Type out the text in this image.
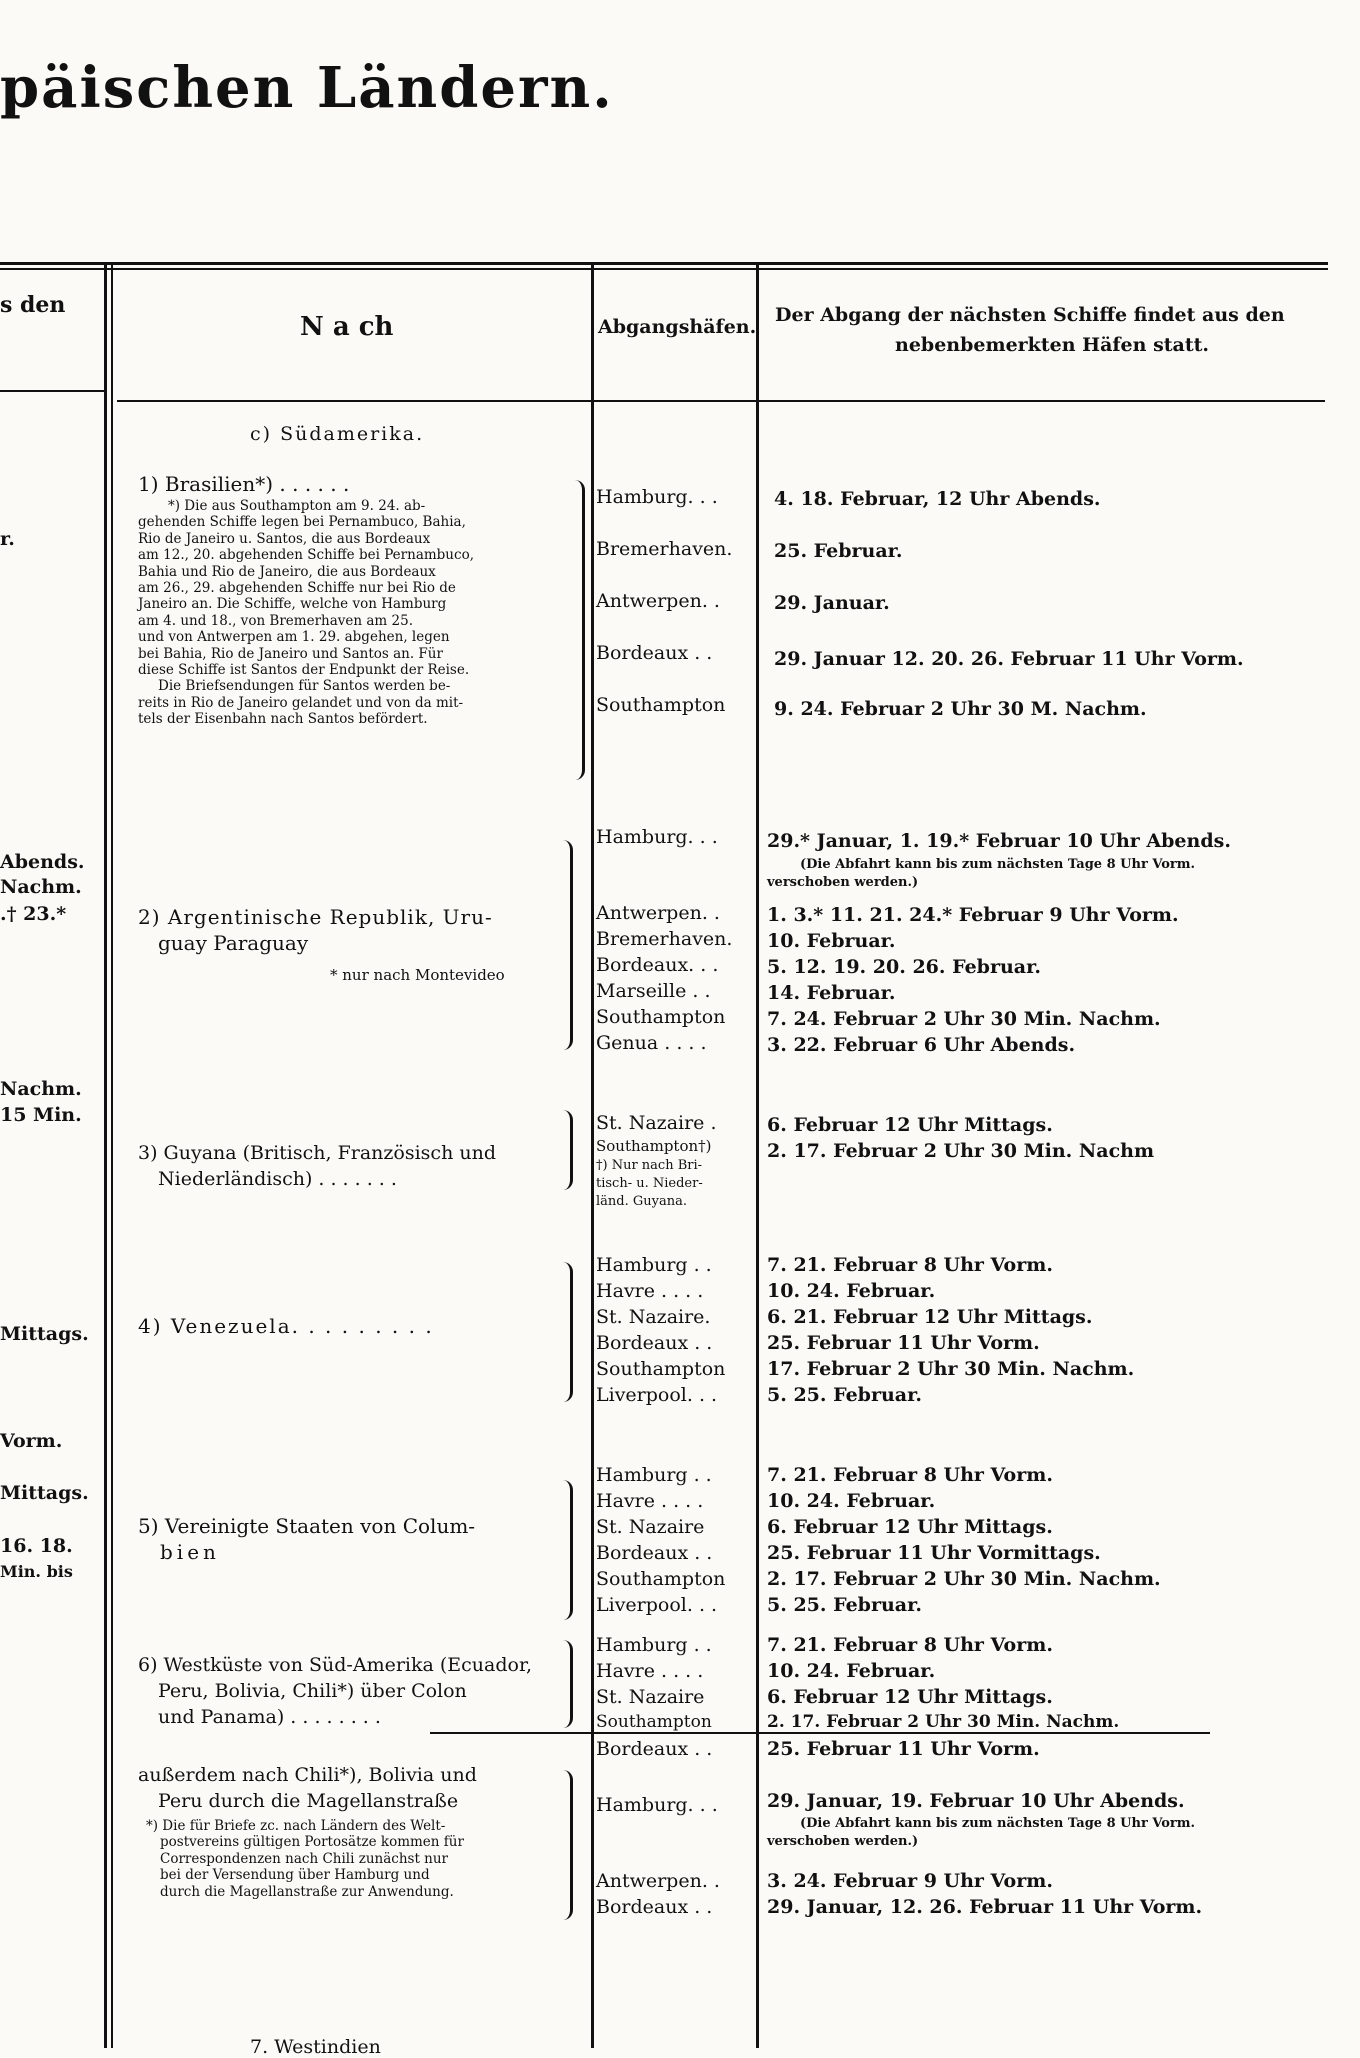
päischen Ländern.
s den
N a ch	Abgangshäfen.
Der Abgang der nächsten Schiffe findet aus den
nebenbemerkten Häfen statt.
r.
Abends.
Nachm.
.† 23.*
Nachm.
15 Min.
Mittags.
Vorm.
Mittags.
16. 18.
Min. bis
c) Südamerika.
1) Brasilien*) . . . . . .
*) Die aus Southampton am 9. 24. ab-
gehenden Schiffe legen bei Pernambuco, Bahia,
Rio de Janeiro u. Santos, die aus Bordeaux
am 12., 20. abgehenden Schiffe bei Pernambuco,
Bahia und Rio de Janeiro, die aus Bordeaux
am 26., 29. abgehenden Schiffe nur bei Rio de
Janeiro an. Die Schiffe, welche von Hamburg
am 4. und 18., von Bremerhaven am 25.
und von Antwerpen am 1. 29. abgehen, legen
bei Bahia, Rio de Janeiro und Santos an. Für
diese Schiffe ist Santos der Endpunkt der Reise.
Die Briefsendungen für Santos werden be-
reits in Rio de Janeiro gelandet und von da mit-
tels der Eisenbahn nach Santos befördert.
Hamburg. . .
Bremerhaven.
Antwerpen. .
Bordeaux . .
Southampton
4. 18. Februar, 12 Uhr Abends.
25. Februar.
29. Januar.
29. Januar 12. 20. 26. Februar 11 Uhr Vorm.
9. 24. Februar 2 Uhr 30 M. Nachm.
2) Argentinische Republik, Uru-
guay Paraguay
* nur nach Montevideo
Hamburg. . .
Antwerpen. .
Bremerhaven.
Bordeaux. . .
Marseille . .
Southampton
Genua . . . .
29.* Januar, 1. 19.* Februar 10 Uhr Abends.
(Die Abfahrt kann bis zum nächsten Tage 8 Uhr Vorm.
verschoben werden.)
1. 3.* 11. 21. 24.* Februar 9 Uhr Vorm.
10. Februar.
5. 12. 19. 20. 26. Februar.
14. Februar.
7. 24. Februar 2 Uhr 30 Min. Nachm.
3. 22. Februar 6 Uhr Abends.
3) Guyana (Britisch, Französisch und
Niederländisch) . . . . . . .
St. Nazaire .
Southampton†)
†) Nur nach Bri-
tisch- u. Nieder-
länd. Guyana.
6. Februar 12 Uhr Mittags.
2. 17. Februar 2 Uhr 30 Min. Nachm
4) Venezuela. . . . . . . . .
Hamburg . .
Havre . . . .
St. Nazaire.
Bordeaux . .
Southampton
Liverpool. . .
7. 21. Februar 8 Uhr Vorm.
10. 24. Februar.
6. 21. Februar 12 Uhr Mittags.
25. Februar 11 Uhr Vorm.
17. Februar 2 Uhr 30 Min. Nachm.
5. 25. Februar.
5) Vereinigte Staaten von Colum-
bien
Hamburg . .
Havre . . . .
St. Nazaire
Bordeaux . .
Southampton
Liverpool. . .
7. 21. Februar 8 Uhr Vorm.
10. 24. Februar.
6. Februar 12 Uhr Mittags.
25. Februar 11 Uhr Vormittags.
2. 17. Februar 2 Uhr 30 Min. Nachm.
5. 25. Februar.
6) Westküste von Süd-Amerika (Ecuador,
Peru, Bolivia, Chili*) über Colon
und Panama) . . . . . . . .
Hamburg . .
Havre . . . .
St. Nazaire
Southampton
Bordeaux . .
7. 21. Februar 8 Uhr Vorm.
10. 24. Februar.
6. Februar 12 Uhr Mittags.
2. 17. Februar 2 Uhr 30 Min. Nachm.
25. Februar 11 Uhr Vorm.
außerdem nach Chili*), Bolivia und
Peru durch die Magellanstraße
*) Die für Briefe zc. nach Ländern des Welt-
postvereins gültigen Portosätze kommen für
Correspondenzen nach Chili zunächst nur
bei der Versendung über Hamburg und
durch die Magellanstraße zur Anwendung.
Hamburg. . .
Antwerpen. .
Bordeaux . .
29. Januar, 19. Februar 10 Uhr Abends.
(Die Abfahrt kann bis zum nächsten Tage 8 Uhr Vorm.
verschoben werden.)
3. 24. Februar 9 Uhr Vorm.
29. Januar, 12. 26. Februar 11 Uhr Vorm.
7. Westindien
